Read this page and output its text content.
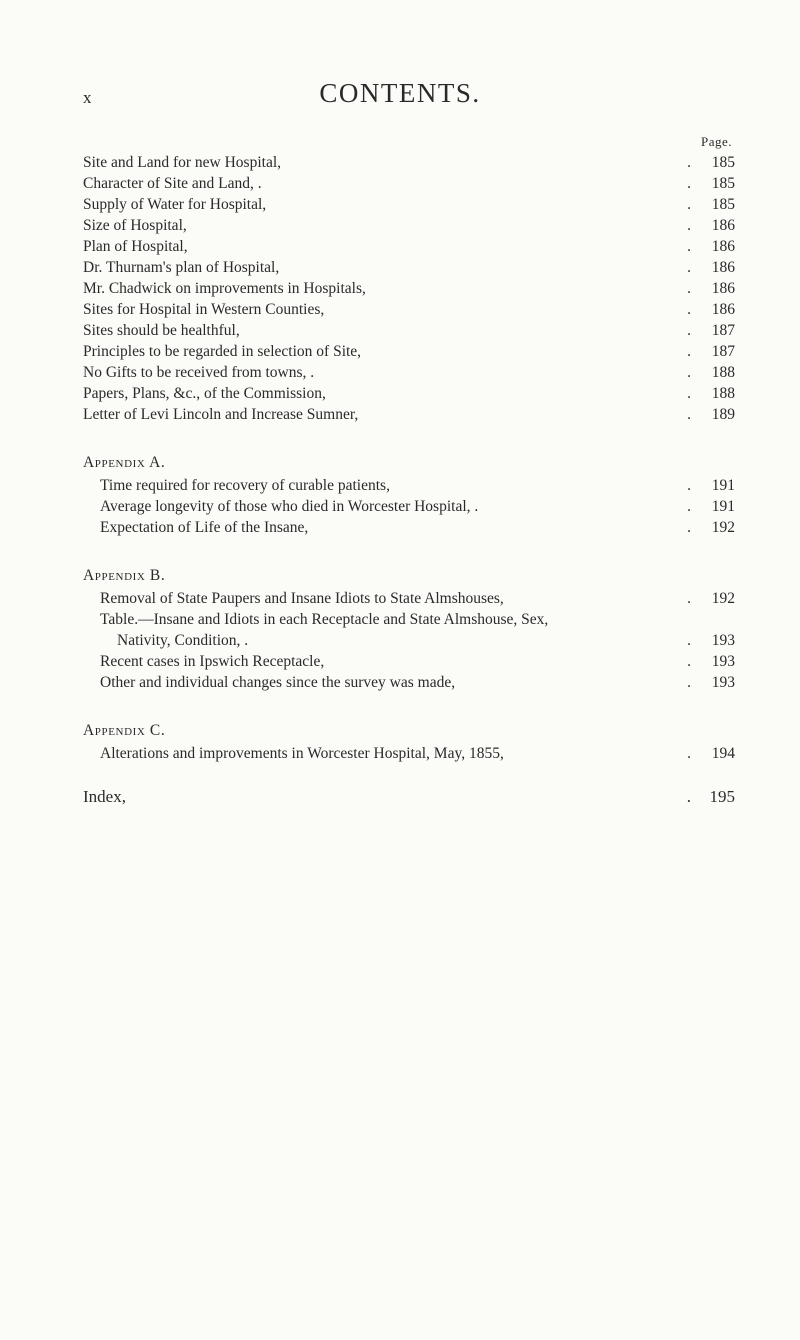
x	CONTENTS.
Page.
Site and Land for new Hospital,	. 185
Character of Site and Land, .	. 185
Supply of Water for Hospital,	. 185
Size of Hospital,	. 186
Plan of Hospital,	. 186
Dr. Thurnam's plan of Hospital,	. 186
Mr. Chadwick on improvements in Hospitals,	. 186
Sites for Hospital in Western Counties,	. 186
Sites should be healthful,	. 187
Principles to be regarded in selection of Site,	. 187
No Gifts to be received from towns, .	. 188
Papers, Plans, &c., of the Commission,	. 188
Letter of Levi Lincoln and Increase Sumner,	. 189
Appendix A.
Time required for recovery of curable patients,	. 191
Average longevity of those who died in Worcester Hospital, .	. 191
Expectation of Life of the Insane,	. 192
Appendix B.
Removal of State Paupers and Insane Idiots to State Almshouses,	. 192
Table.—Insane and Idiots in each Receptacle and State Almshouse, Sex,
Nativity, Condition, .	. 193
Recent cases in Ipswich Receptacle,	. 193
Other and individual changes since the survey was made,	. 193
Appendix C.
Alterations and improvements in Worcester Hospital, May, 1855,	. 194
Index,	. 195
